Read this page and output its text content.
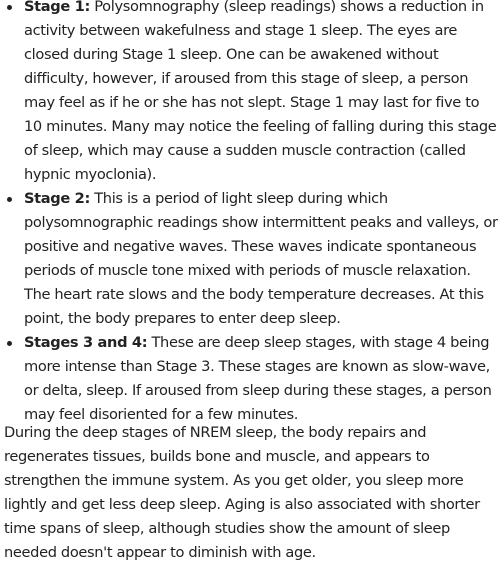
Stage 1: Polysomnography (sleep readings) shows a reduction in activity between wakefulness and stage 1 sleep. The eyes are closed during Stage 1 sleep. One can be awakened without difficulty, however, if aroused from this stage of sleep, a person may feel as if he or she has not slept. Stage 1 may last for five to 10 minutes. Many may notice the feeling of falling during this stage of sleep, which may cause a sudden muscle contraction (called hypnic myoclonia).
Stage 2: This is a period of light sleep during which polysomnographic readings show intermittent peaks and valleys, or positive and negative waves. These waves indicate spontaneous periods of muscle tone mixed with periods of muscle relaxation. The heart rate slows and the body temperature decreases. At this point, the body prepares to enter deep sleep.
Stages 3 and 4: These are deep sleep stages, with stage 4 being more intense than Stage 3. These stages are known as slow-wave, or delta, sleep. If aroused from sleep during these stages, a person may feel disoriented for a few minutes.

During the deep stages of NREM sleep, the body repairs and regenerates tissues, builds bone and muscle, and appears to strengthen the immune system. As you get older, you sleep more lightly and get less deep sleep. Aging is also associated with shorter time spans of sleep, although studies show the amount of sleep needed doesn't appear to diminish with age.
